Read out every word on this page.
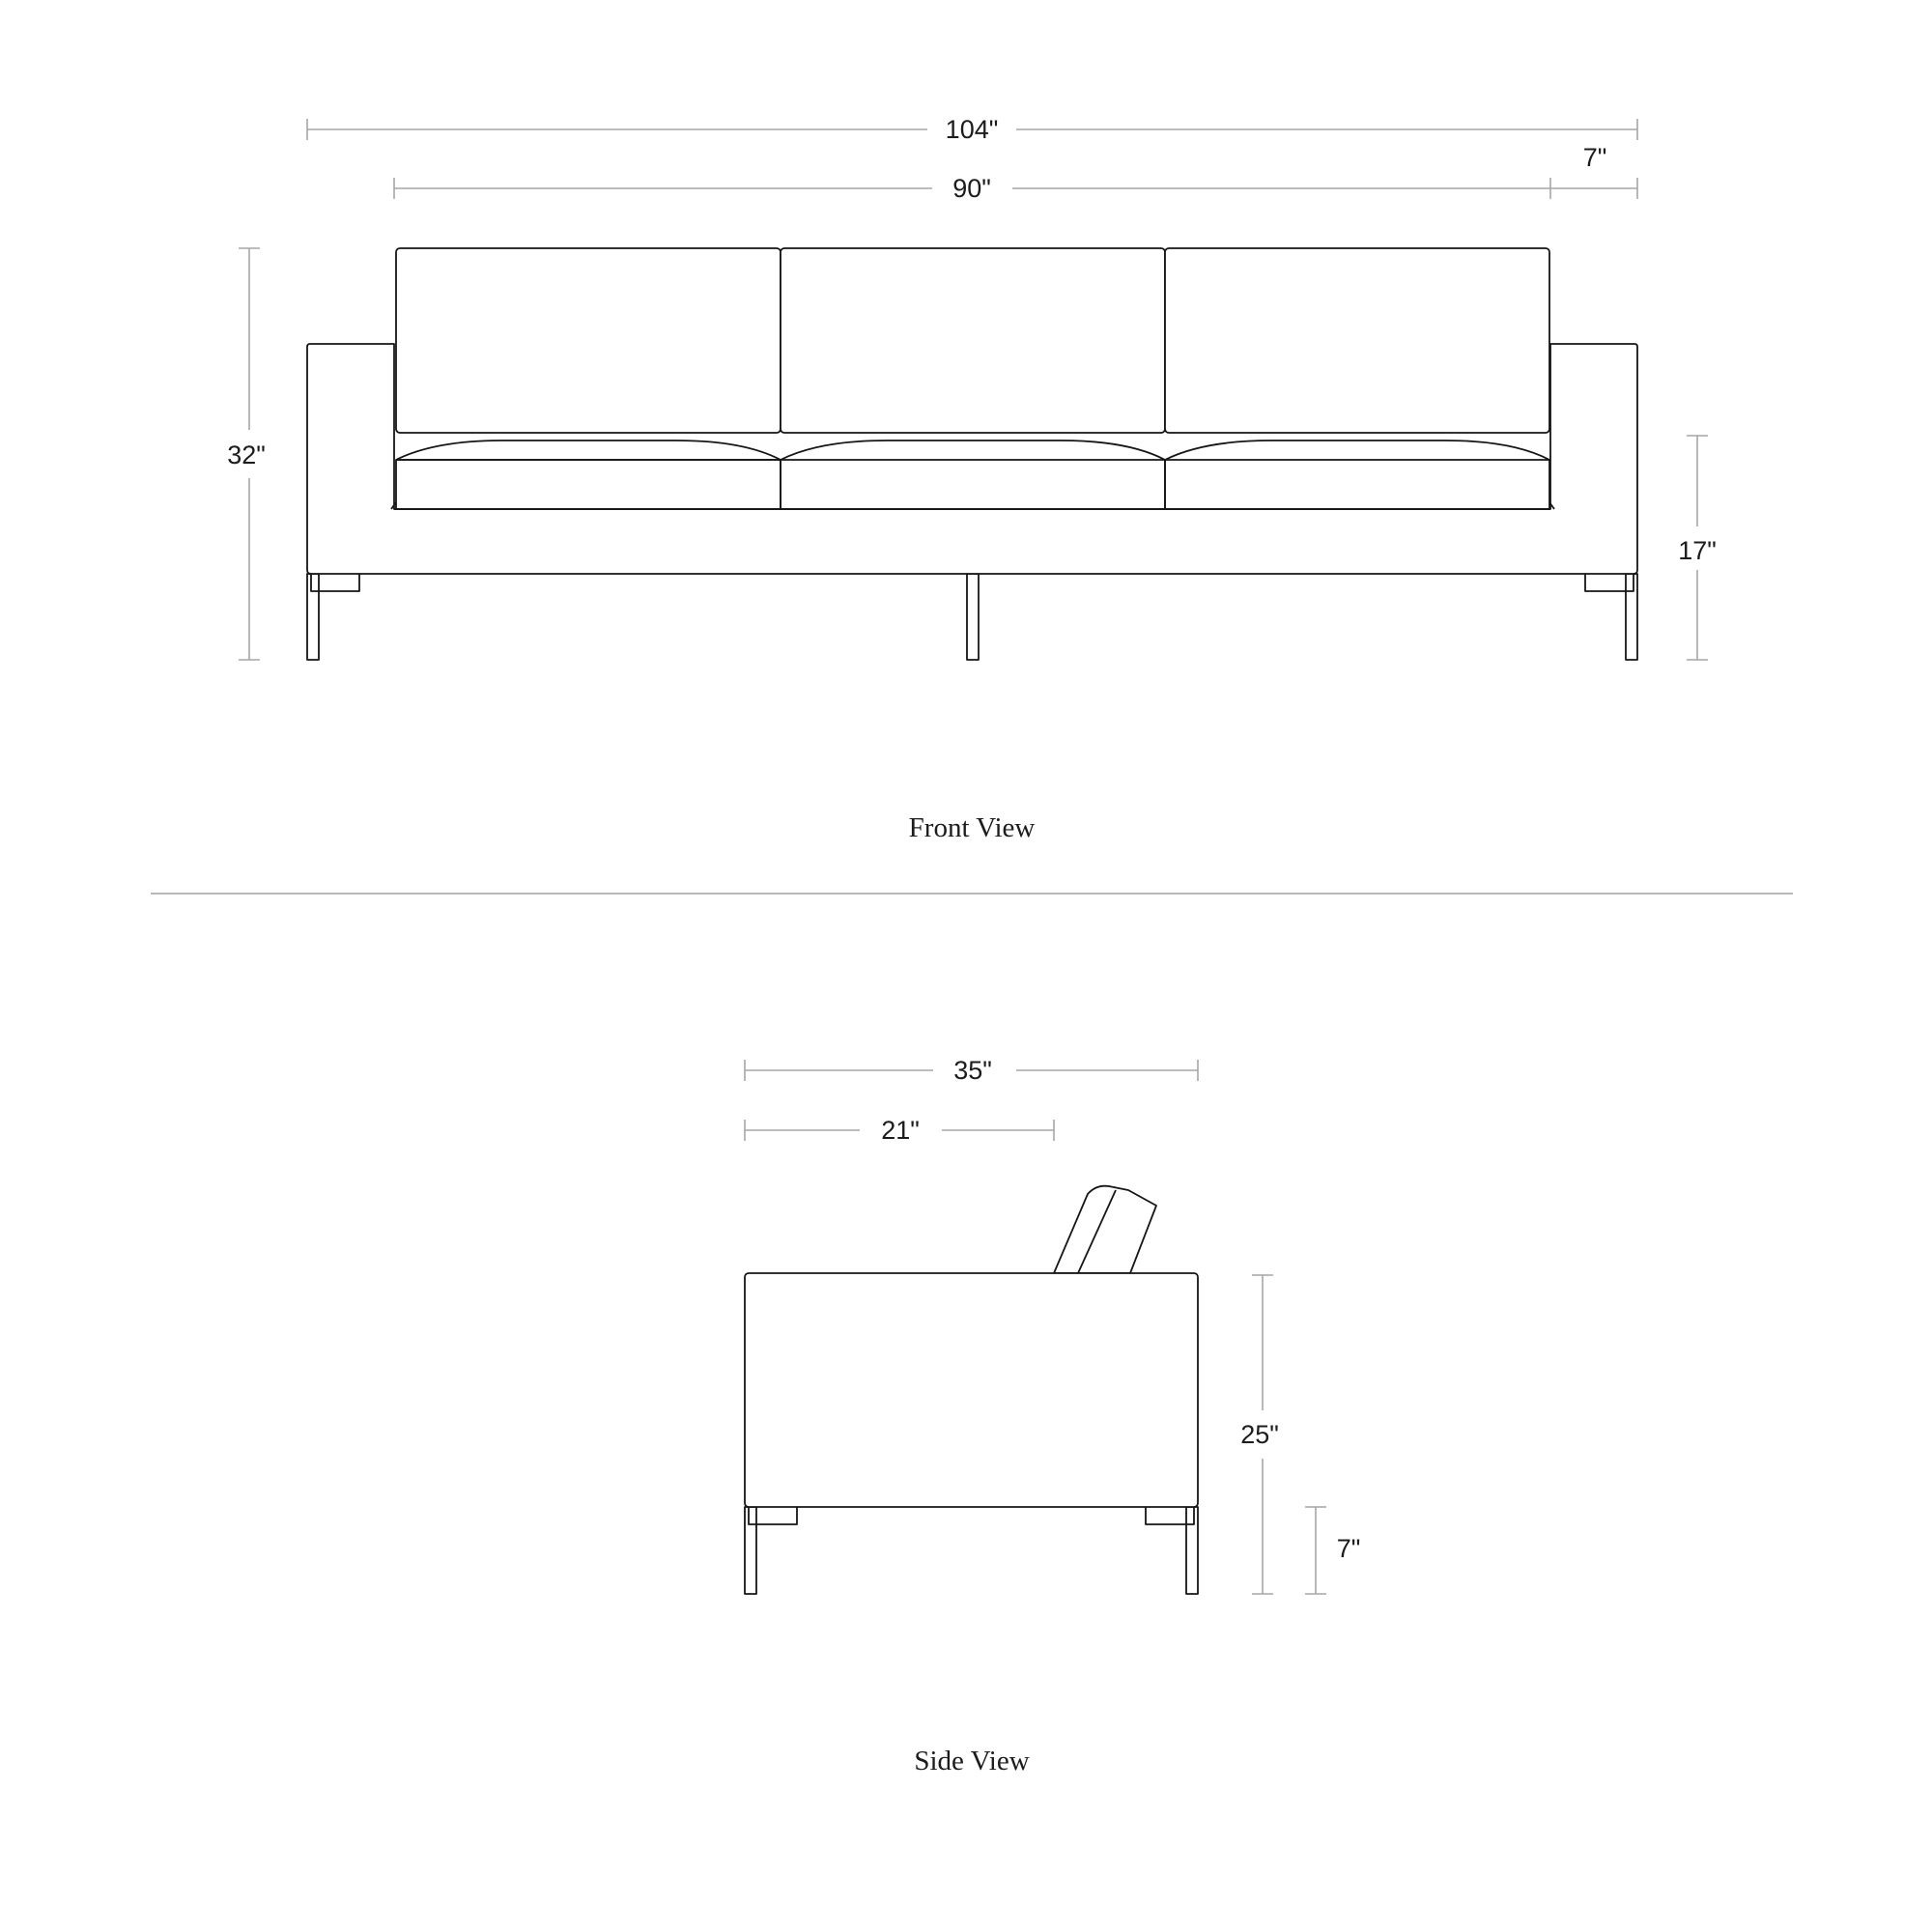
104"
90"
7"
32"
17"
Front View
35"
21"
25"
7"
Side View
